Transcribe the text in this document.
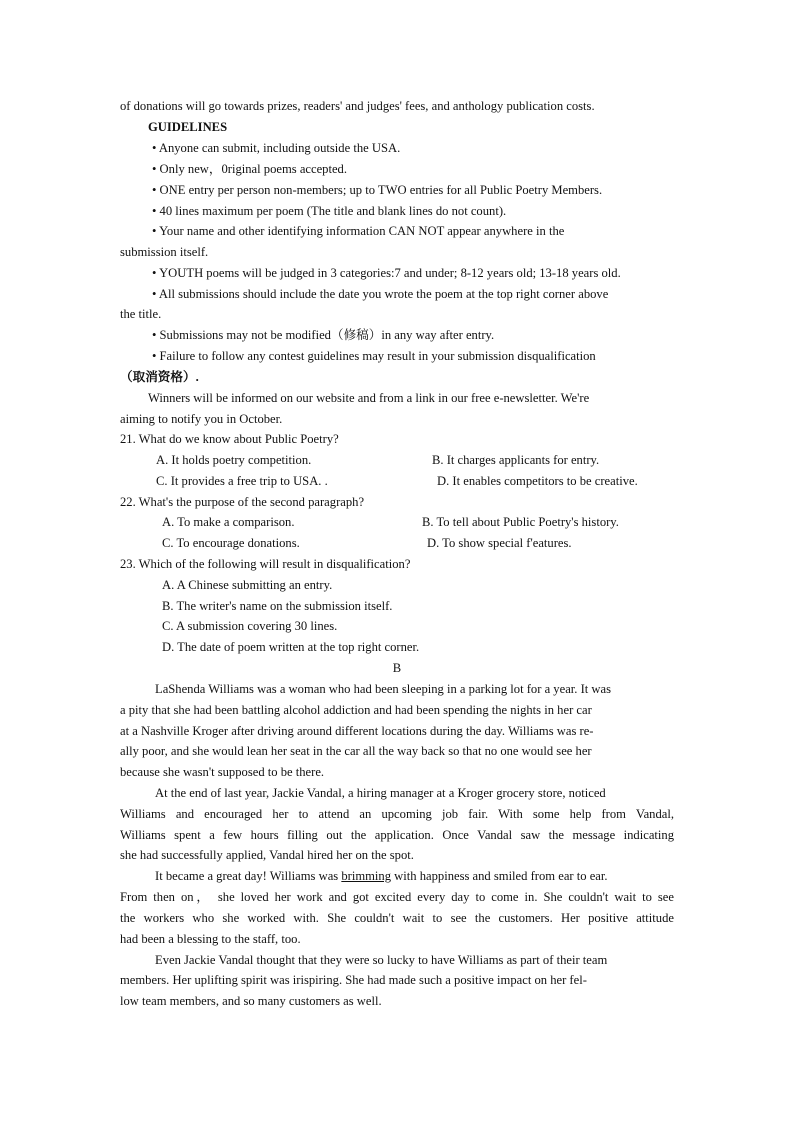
of donations will go towards prizes, readers' and judges' fees, and anthology publication costs.
GUIDELINES
• Anyone can submit, including outside the USA.
• Only new，0riginal poems accepted.
• ONE entry per person non-members; up to TWO entries for all Public Poetry Members.
• 40 lines maximum per poem (The title and blank lines do not count).
• Your name and other identifying information CAN NOT appear anywhere in the
submission itself.
• YOUTH poems will be judged in 3 categories:7 and under; 8-12 years old; 13-18 years old.
• All submissions should include the date you wrote the poem at the top right corner above
the title.
• Submissions may not be modified（修稿）in any way after entry.
• Failure to follow any contest guidelines may result in your submission disqualification
（取消资格）.
Winners will be informed on our website and from a link in our free e-newsletter. We're
aiming to notify you in October.
21. What do we know about Public Poetry?
A. It holds poetry competition.	B. It charges applicants for entry.
C. It provides a free trip to USA. .	D. It enables competitors to be creative.
22. What's the purpose of the second paragraph?
A. To make a comparison.	B. To tell about Public Poetry's history.
C. To encourage donations.	D. To show special f'eatures.
23. Which of the following will result in disqualification?
A. A Chinese submitting an entry.
B. The writer's name on the submission itself.
C. A submission covering 30 lines.
D. The date of poem written at the top right corner.
B
LaShenda Williams was a woman who had been sleeping in a parking lot for a year. It was
a pity that she had been battling alcohol addiction and had been spending the nights in her car
at a Nashville Kroger after driving around different locations during the day. Williams was re-
ally poor, and she would lean her seat in the car all the way back so that no one would see her
because she wasn't supposed to be there.
At the end of last year, Jackie Vandal, a hiring manager at a Kroger grocery store, noticed
Williams and encouraged her to attend an upcoming job fair. With some help from Vandal,
Williams spent a few hours filling out the application. Once Vandal saw the message indicating
she had successfully applied, Vandal hired her on the spot.
It became a great day! Williams was brimming with happiness and smiled from ear to ear.
From then on， she loved her work and got excited every day to come in. She couldn't wait to see
the workers who she worked with. She couldn't wait to see the customers. Her positive attitude
had been a blessing to the staff, too.
Even Jackie Vandal thought that they were so lucky to have Williams as part of their team
members. Her uplifting spirit was irispiring. She had made such a positive impact on her fel-
low team members, and so many customers as well.
